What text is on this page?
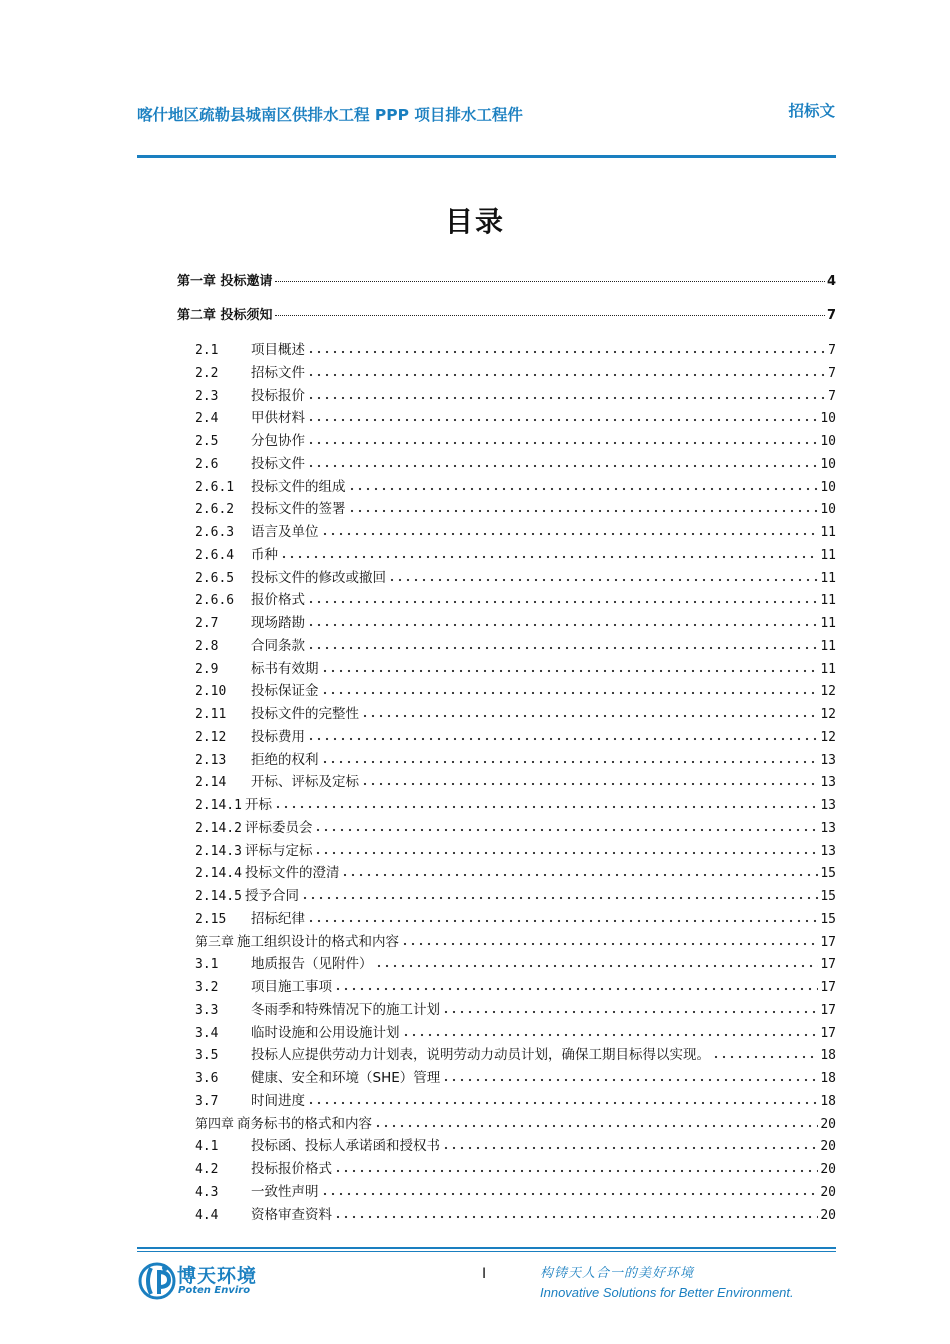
喀什地区疏勒县城南区供排水工程 PPP 项目排水工程件	招标文
目录
第一章 投标邀请	4
第二章 投标须知	7
2.1	项目概述	7
2.2	招标文件	7
2.3	投标报价	7
2.4	甲供材料	10
2.5	分包协作	10
2.6	投标文件	10
2.6.1	投标文件的组成	10
2.6.2	投标文件的签署	10
2.6.3	语言及单位	11
2.6.4	币种	11
2.6.5	投标文件的修改或撤回	11
2.6.6	报价格式	11
2.7	现场踏勘	11
2.8	合同条款	11
2.9	标书有效期	11
2.10	投标保证金	12
2.11	投标文件的完整性	12
2.12	投标费用	12
2.13	拒绝的权利	13
2.14	开标、评标及定标	13
2.14.1 开标	13
2.14.2 评标委员会	13
2.14.3 评标与定标	13
2.14.4 投标文件的澄清	15
2.14.5 授予合同	15
2.15	招标纪律	15
第三章 施工组织设计的格式和内容	17
3.1	地质报告（见附件）	17
3.2	项目施工事项	17
3.3	冬雨季和特殊情况下的施工计划	17
3.4	临时设施和公用设施计划	17
3.5	投标人应提供劳动力计划表，说明劳动力动员计划，确保工期目标得以实现。	18
3.6	健康、安全和环境（SHE）管理	18
3.7	时间进度	18
第四章 商务标书的格式和内容	20
4.1	投标函、投标人承诺函和授权书	20
4.2	投标报价格式	20
4.3	一致性声明	20
4.4	资格审查资料	20
博天环境
Poten Enviro
I	构铸天人合一的美好环境
Innovative Solutions for Better Environment.
